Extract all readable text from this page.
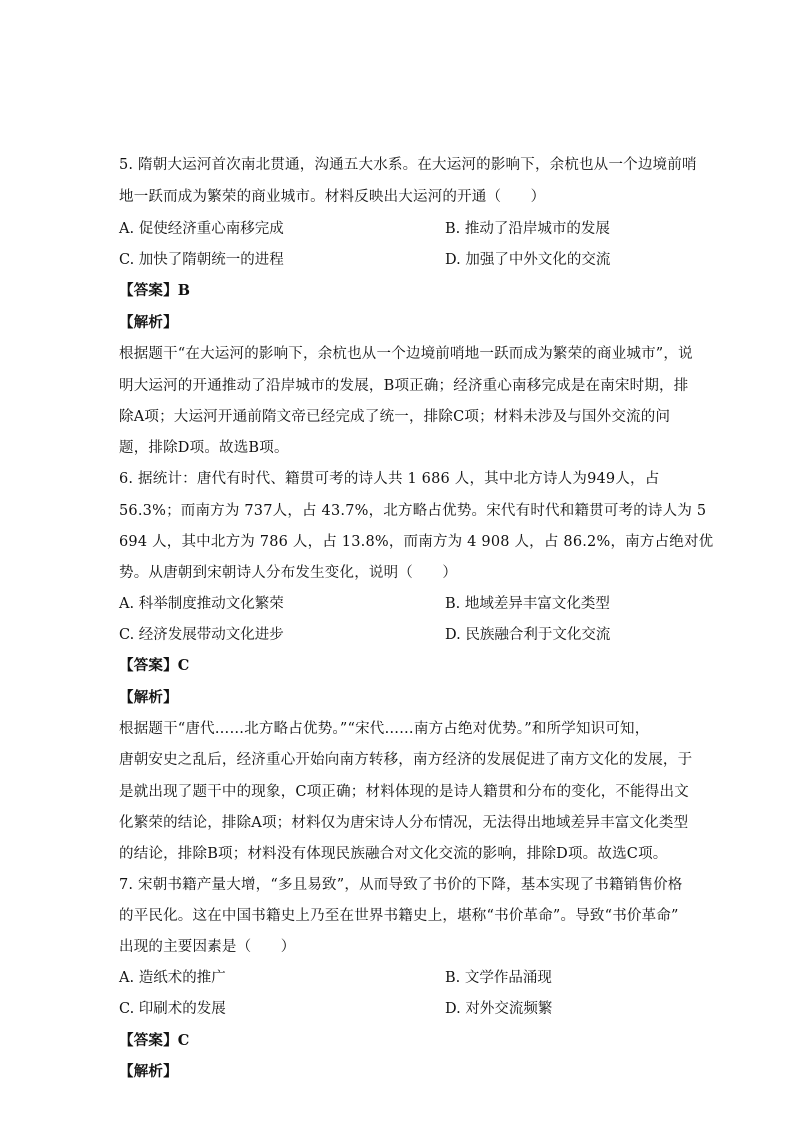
5. 隋朝大运河首次南北贯通，沟通五大水系。在大运河的影响下，余杭也从一个边境前哨
地一跃而成为繁荣的商业城市。材料反映出大运河的开通（　　）
A. 促使经济重心南移完成	B. 推动了沿岸城市的发展
C. 加快了隋朝统一的进程	D. 加强了中外文化的交流
【答案】B
【解析】
根据题干“在大运河的影响下，余杭也从一个边境前哨地一跃而成为繁荣的商业城市”，说
明大运河的开通推动了沿岸城市的发展，B项正确；经济重心南移完成是在南宋时期，排
除A项；大运河开通前隋文帝已经完成了统一，排除C项；材料未涉及与国外交流的问
题，排除D项。故选B项。
6. 据统计：唐代有时代、籍贯可考的诗人共 1 686 人，其中北方诗人为949人，占
56.3%；而南方为 737人，占 43.7%，北方略占优势。宋代有时代和籍贯可考的诗人为 5
694 人，其中北方为 786 人，占 13.8%，而南方为 4 908 人，占 86.2%，南方占绝对优
势。从唐朝到宋朝诗人分布发生变化，说明（　　）
A. 科举制度推动文化繁荣	B. 地域差异丰富文化类型
C. 经济发展带动文化进步	D. 民族融合利于文化交流
【答案】C
【解析】
根据题干“唐代……北方略占优势。”“宋代……南方占绝对优势。”和所学知识可知，
唐朝安史之乱后，经济重心开始向南方转移，南方经济的发展促进了南方文化的发展，于
是就出现了题干中的现象，C项正确；材料体现的是诗人籍贯和分布的变化，不能得出文
化繁荣的结论，排除A项；材料仅为唐宋诗人分布情况，无法得出地域差异丰富文化类型
的结论，排除B项；材料没有体现民族融合对文化交流的影响，排除D项。故选C项。
7. 宋朝书籍产量大增，“多且易致”，从而导致了书价的下降，基本实现了书籍销售价格
的平民化。这在中国书籍史上乃至在世界书籍史上，堪称“书价革命”。导致“书价革命”
出现的主要因素是（　　）
A. 造纸术的推广	B. 文学作品涌现
C. 印刷术的发展	D. 对外交流频繁
【答案】C
【解析】
